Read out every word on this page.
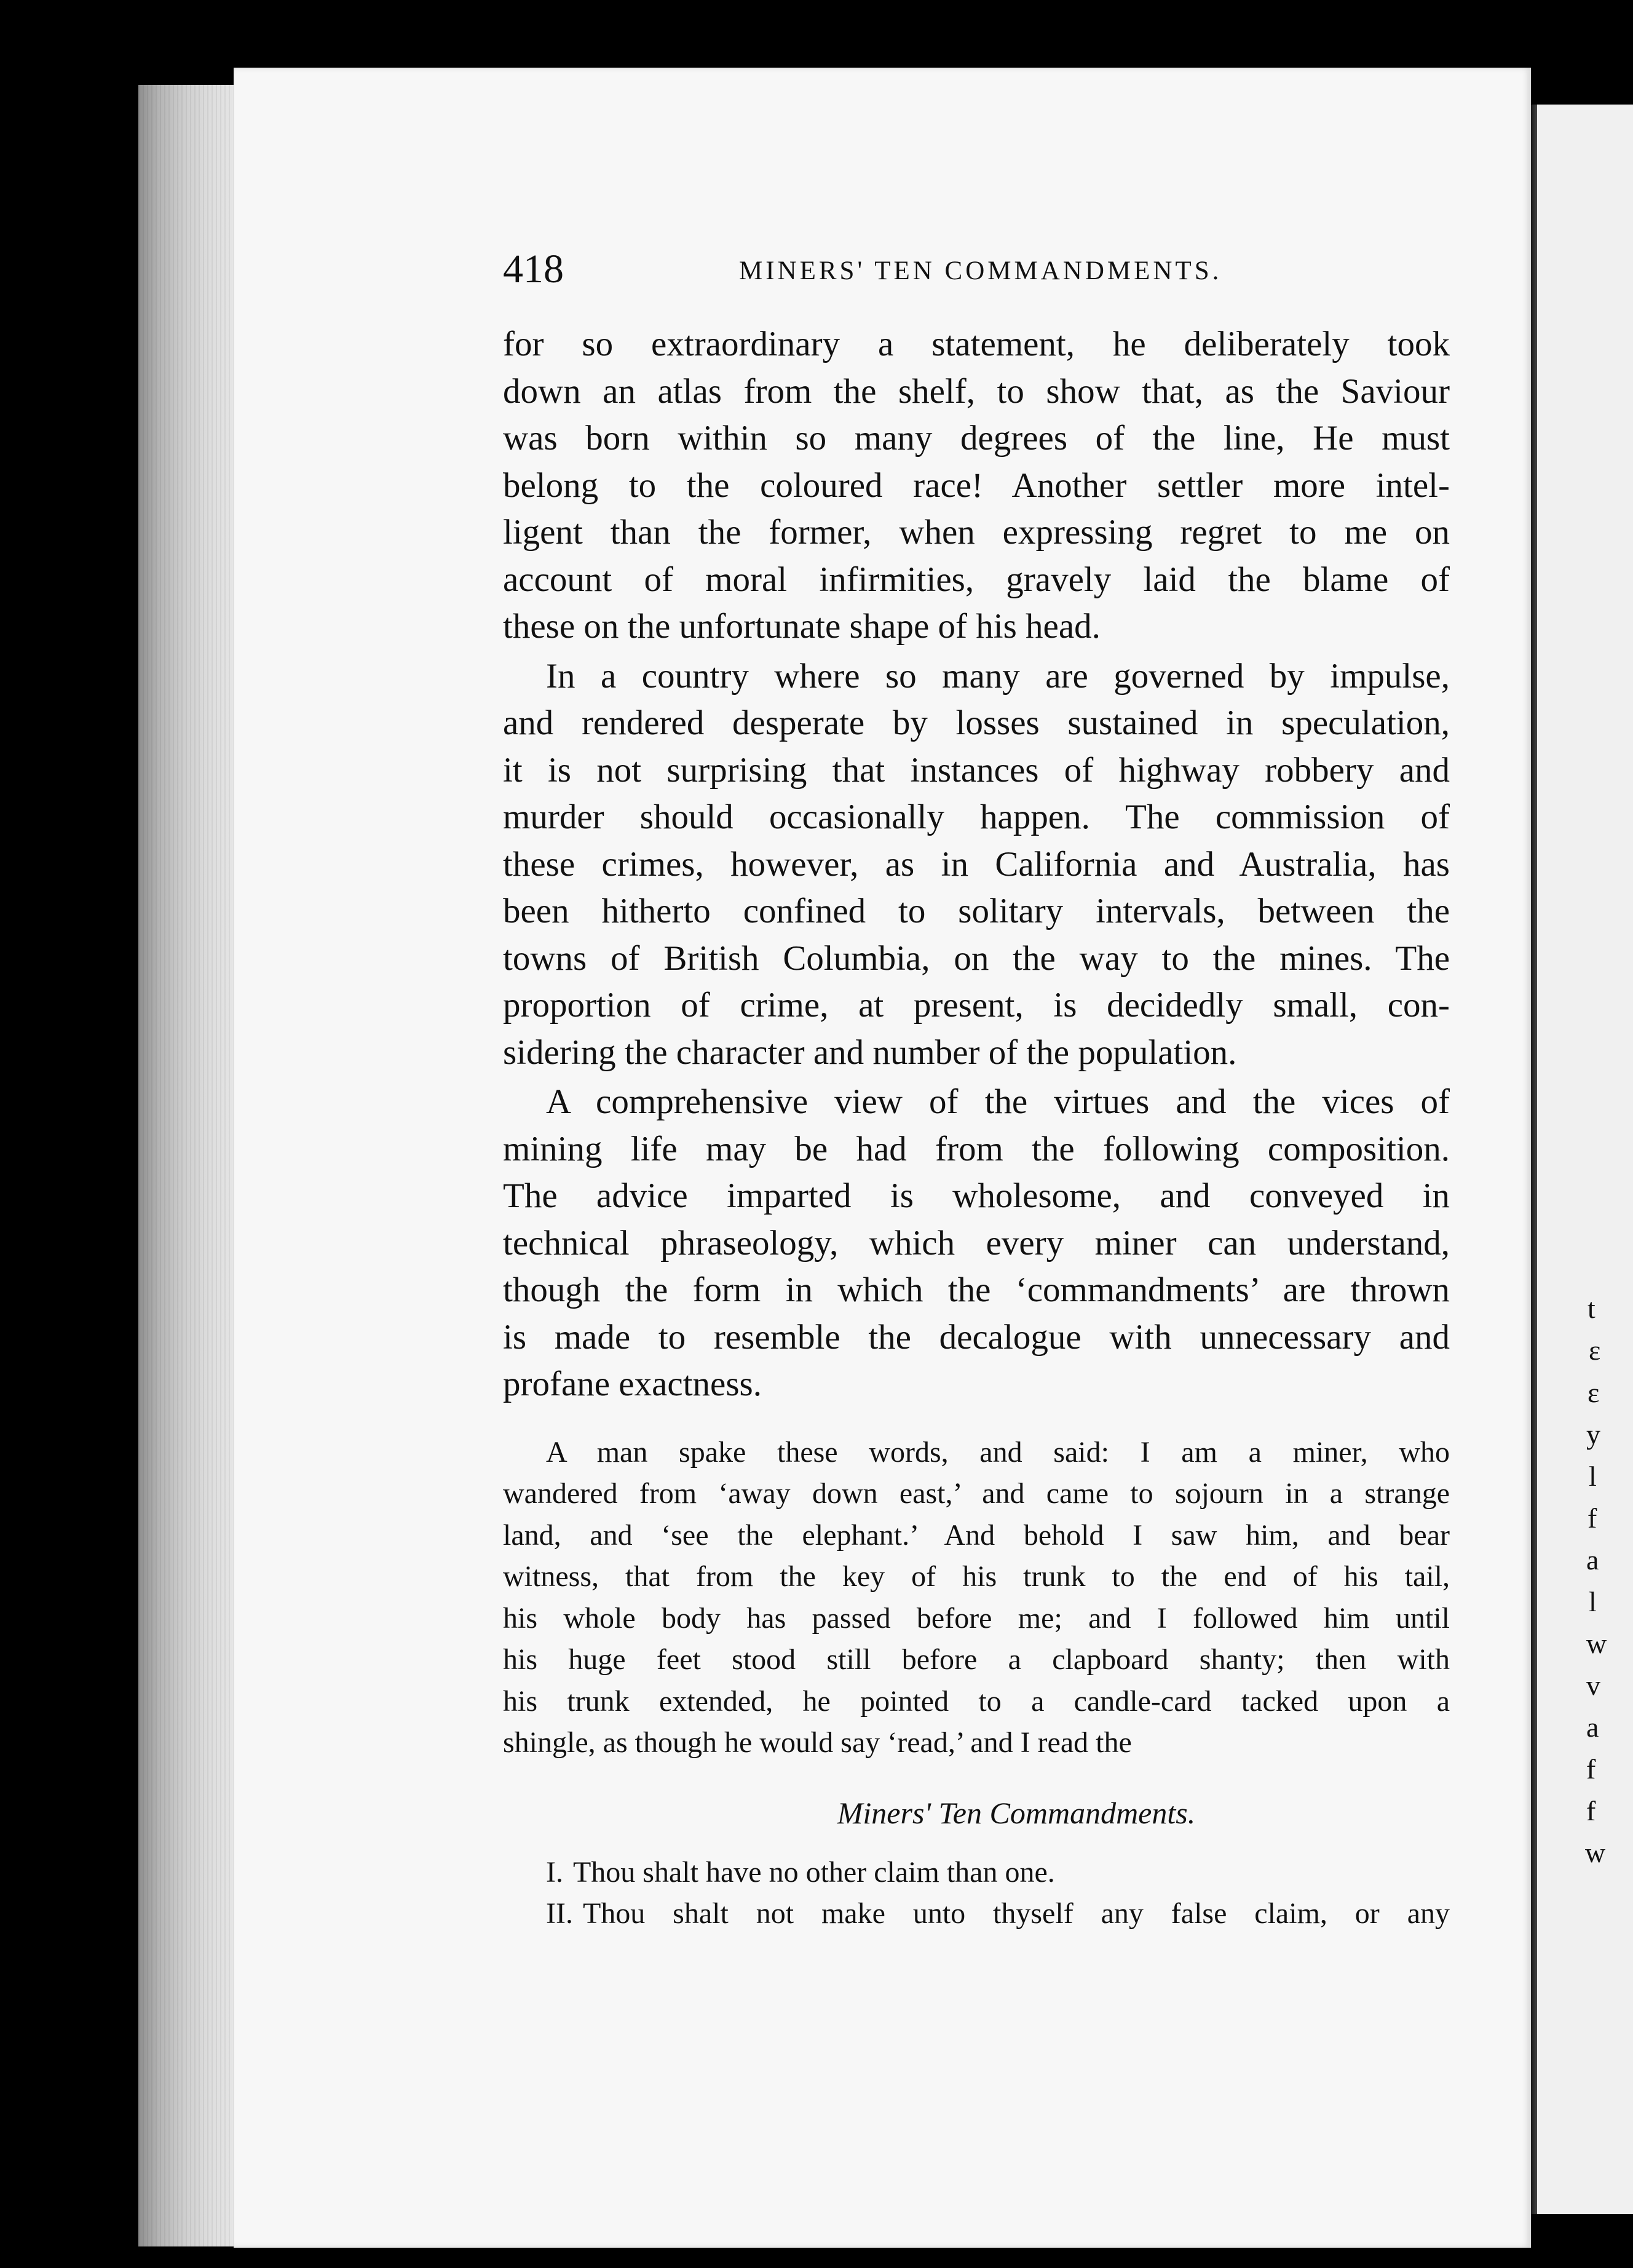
t
ɛ
ε
y
l
f
a
l
w
v
a
f
f
w
418	MINERS' TEN COMMANDMENTS.

for so extraordinary a statement, he deliberately took
down an atlas from the shelf, to show that, as the Saviour
was born within so many degrees of the line, He must
belong to the coloured race! Another settler more intel-
ligent than the former, when expressing regret to me on
account of moral infirmities, gravely laid the blame of
these on the unfortunate shape of his head.

In a country where so many are governed by impulse,
and rendered desperate by losses sustained in speculation,
it is not surprising that instances of highway robbery and
murder should occasionally happen. The commission of
these crimes, however, as in California and Australia, has
been hitherto confined to solitary intervals, between the
towns of British Columbia, on the way to the mines. The
proportion of crime, at present, is decidedly small, con-
sidering the character and number of the population.

A comprehensive view of the virtues and the vices of
mining life may be had from the following composition.
The advice imparted is wholesome, and conveyed in
technical phraseology, which every miner can understand,
though the form in which the ‘commandments’ are thrown
is made to resemble the decalogue with unnecessary and
profane exactness.

A man spake these words, and said: I am a miner, who
wandered from ‘away down east,’ and came to sojourn in a strange
land, and ‘see the elephant.’ And behold I saw him, and bear
witness, that from the key of his trunk to the end of his tail,
his whole body has passed before me; and I followed him until
his huge feet stood still before a clapboard shanty; then with
his trunk extended, he pointed to a candle-card tacked upon a
shingle, as though he would say ‘read,’ and I read the
Miners' Ten Commandments.
I. Thou shalt have no other claim than one.
II. Thou shalt not make unto thyself any false claim, or any
